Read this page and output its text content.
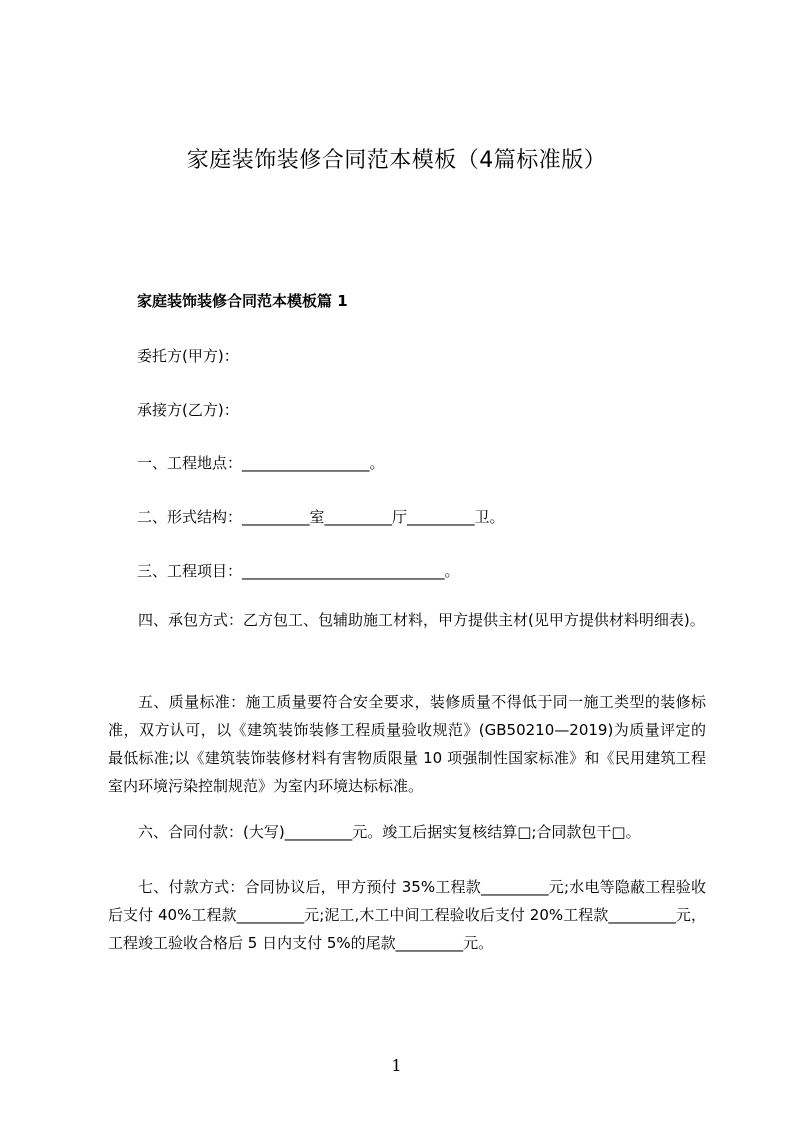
家庭装饰装修合同范本模板（4篇标准版）
家庭装饰装修合同范本模板篇 1
委托方(甲方)：
承接方(乙方)：
一、工程地点：_________________。
二、形式结构：_________室_________厅_________卫。
三、工程项目：___________________________。
四、承包方式：乙方包工、包辅助施工材料，甲方提供主材(见甲方提供材料明细表)。
五、质量标准：施工质量要符合安全要求，装修质量不得低于同一施工类型的装修标准，双方认可，以《建筑装饰装修工程质量验收规范》(GB50210—2019)为质量评定的最低标准;以《建筑装饰装修材料有害物质限量 10 项强制性国家标准》和《民用建筑工程室内环境污染控制规范》为室内环境达标标准。
六、合同付款：(大写)_________元。竣工后据实复核结算□;合同款包干□。
七、付款方式：合同协议后，甲方预付 35%工程款_________元;水电等隐蔽工程验收后支付 40%工程款_________元;泥工,木工中间工程验收后支付 20%工程款_________元，工程竣工验收合格后 5 日内支付 5%的尾款_________元。
1
